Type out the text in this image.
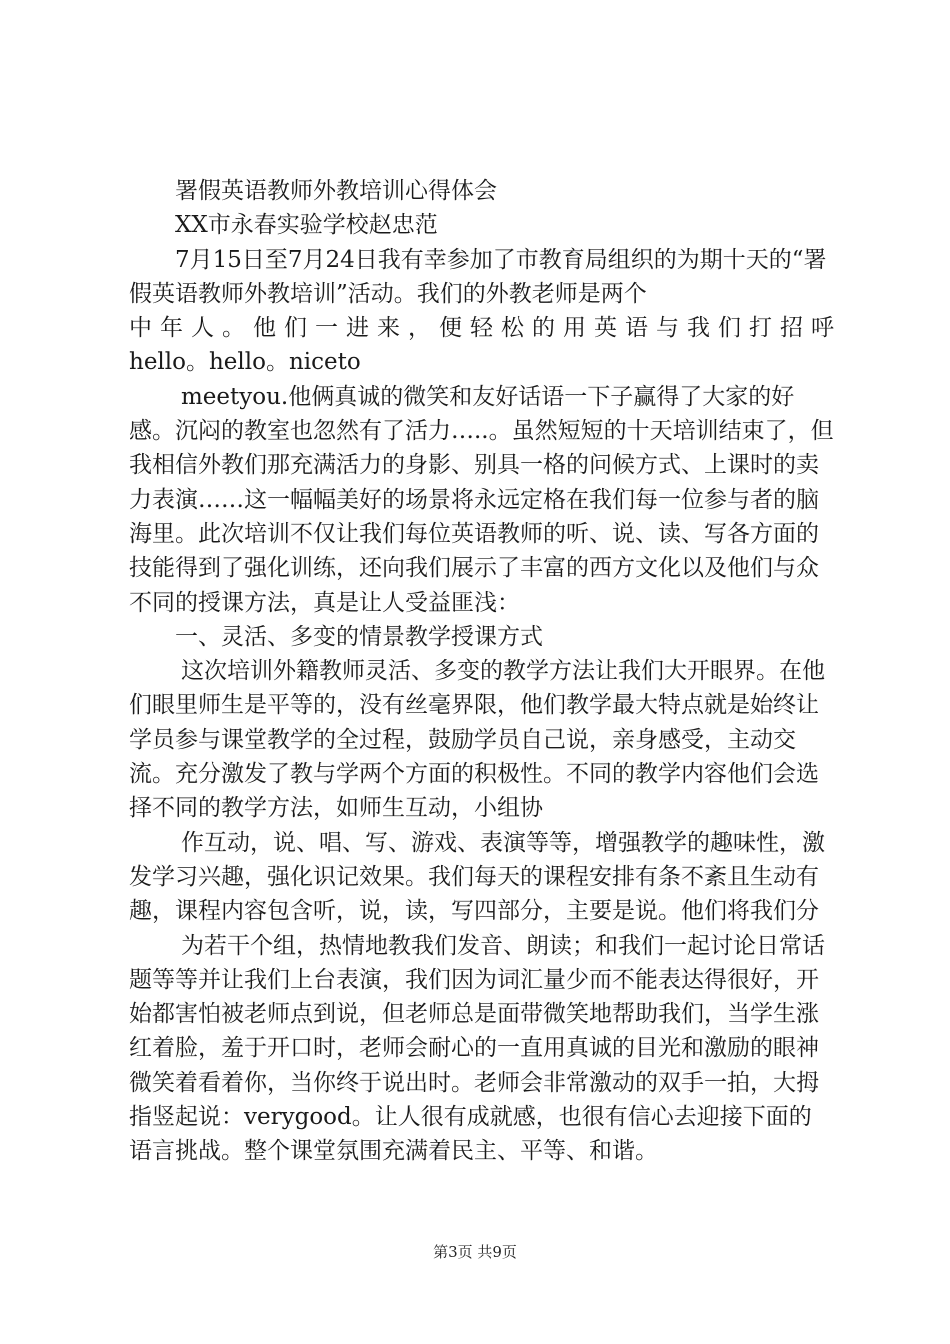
署假英语教师外教培训心得体会

XX市永春实验学校赵忠范

7月15日至7月24日我有幸参加了市教育局组织的为期十天的“署假英语教师外教培训”活动。我们的外教老师是两个

中年人。他们一进来，便轻松的用英语与我们打招呼

hello。hello。niceto

meetyou.他俩真诚的微笑和友好话语一下子赢得了大家的好感。沉闷的教室也忽然有了活力…..。虽然短短的十天培训结束了，但我相信外教们那充满活力的身影、别具一格的问候方式、上课时的卖力表演……这一幅幅美好的场景将永远定格在我们每一位参与者的脑海里。此次培训不仅让我们每位英语教师的听、说、读、写各方面的技能得到了强化训练，还向我们展示了丰富的西方文化以及他们与众不同的授课方法，真是让人受益匪浅：

一、灵活、多变的情景教学授课方式

这次培训外籍教师灵活、多变的教学方法让我们大开眼界。在他们眼里师生是平等的，没有丝毫界限，他们教学最大特点就是始终让学员参与课堂教学的全过程，鼓励学员自己说，亲身感受，主动交流。充分激发了教与学两个方面的积极性。不同的教学内容他们会选择不同的教学方法，如师生互动，小组协

作互动，说、唱、写、游戏、表演等等，增强教学的趣味性，激发学习兴趣，强化识记效果。我们每天的课程安排有条不紊且生动有趣，课程内容包含听，说，读，写四部分，主要是说。他们将我们分

为若干个组，热情地教我们发音、朗读；和我们一起讨论日常话题等等并让我们上台表演，我们因为词汇量少而不能表达得很好，开始都害怕被老师点到说，但老师总是面带微笑地帮助我们，当学生涨红着脸，羞于开口时，老师会耐心的一直用真诚的目光和激励的眼神微笑着看着你，当你终于说出时。老师会非常激动的双手一拍，大拇指竖起说：verygood。让人很有成就感，也很有信心去迎接下面的语言挑战。整个课堂氛围充满着民主、平等、和谐。

第3页 共9页
